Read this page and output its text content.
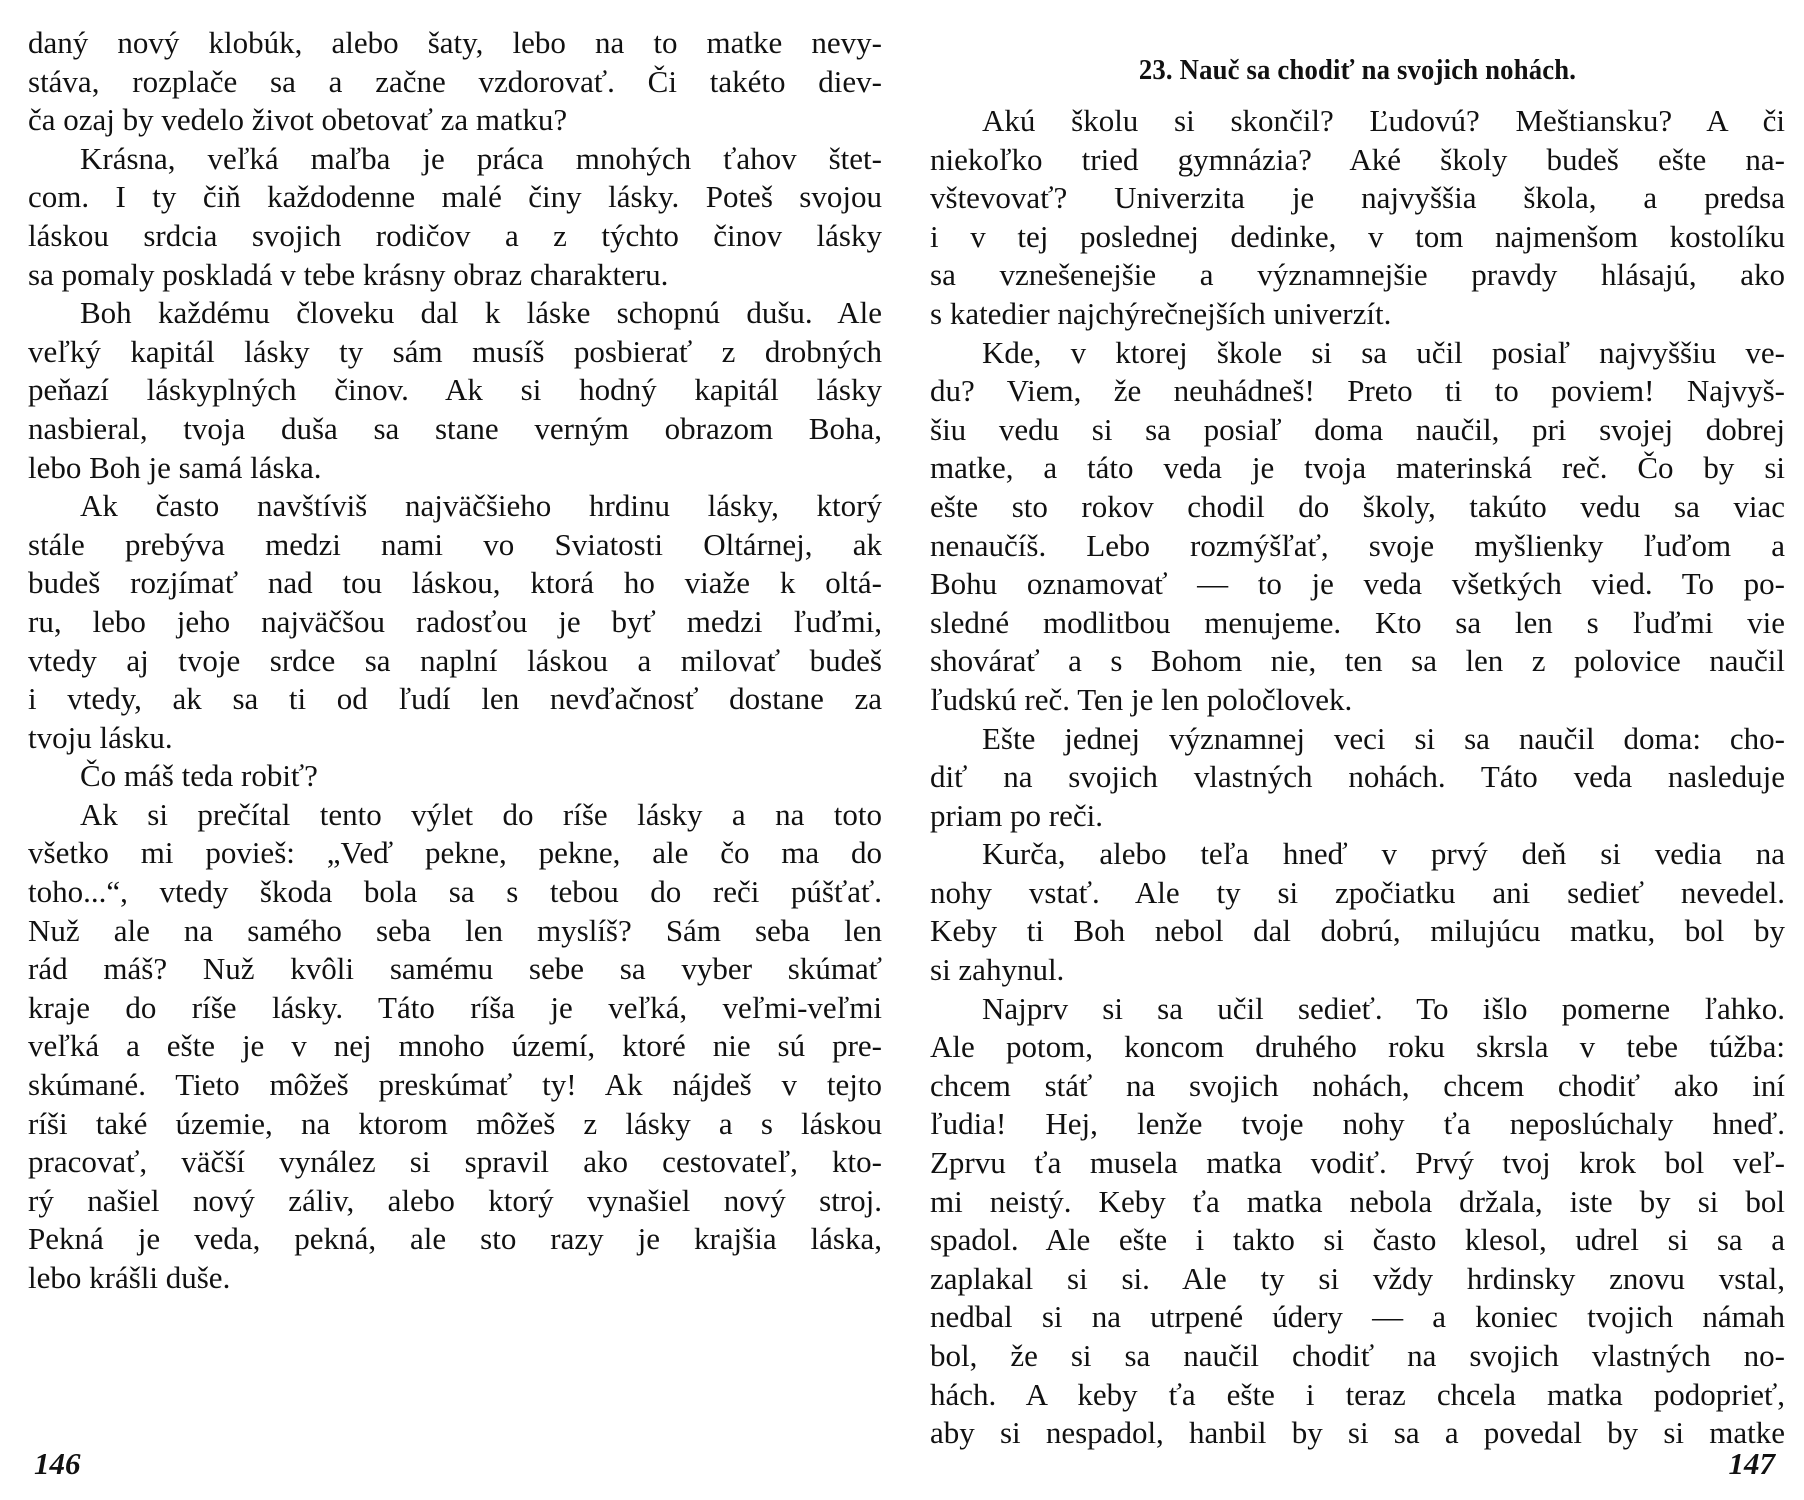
daný nový klobúk, alebo šaty, lebo na to matke nevy-
stáva, rozplače sa a začne vzdorovať. Či takéto diev-
ča ozaj by vedelo život obetovať za matku?
Krásna, veľká maľba je práca mnohých ťahov štet-
com. I ty čiň každodenne malé činy lásky. Poteš svojou
láskou srdcia svojich rodičov a z týchto činov lásky
sa pomaly poskladá v tebe krásny obraz charakteru.
Boh každému človeku dal k láske schopnú dušu. Ale
veľký kapitál lásky ty sám musíš posbierať z drobných
peňazí láskyplných činov. Ak si hodný kapitál lásky
nasbieral, tvoja duša sa stane verným obrazom Boha,
lebo Boh je samá láska.
Ak často navštíviš najväčšieho hrdinu lásky, ktorý
stále prebýva medzi nami vo Sviatosti Oltárnej, ak
budeš rozjímať nad tou láskou, ktorá ho viaže k oltá-
ru, lebo jeho najväčšou radosťou je byť medzi ľuďmi,
vtedy aj tvoje srdce sa naplní láskou a milovať budeš
i vtedy, ak sa ti od ľudí len nevďačnosť dostane za
tvoju lásku.
Čo máš teda robiť?
Ak si prečítal tento výlet do ríše lásky a na toto
všetko mi povieš: „Veď pekne, pekne, ale čo ma do
toho...“, vtedy škoda bola sa s tebou do reči púšťať.
Nuž ale na samého seba len myslíš? Sám seba len
rád máš? Nuž kvôli samému sebe sa vyber skúmať
kraje do ríše lásky. Táto ríša je veľká, veľmi-veľmi
veľká a ešte je v nej mnoho území, ktoré nie sú pre-
skúmané. Tieto môžeš preskúmať ty! Ak nájdeš v tejto
ríši také územie, na ktorom môžeš z lásky a s láskou
pracovať, väčší vynález si spravil ako cestovateľ, kto-
rý našiel nový záliv, alebo ktorý vynašiel nový stroj.
Pekná je veda, pekná, ale sto razy je krajšia láska,
lebo krášli duše.
146
23. Nauč sa chodiť na svojich nohách.
Akú školu si skončil? Ľudovú? Meštiansku? A či
niekoľko tried gymnázia? Aké školy budeš ešte na-
vštevovať? Univerzita je najvyššia škola, a predsa
i v tej poslednej dedinke, v tom najmenšom kostolíku
sa vznešenejšie a významnejšie pravdy hlásajú, ako
s katedier najchýrečnejších univerzít.
Kde, v ktorej škole si sa učil posiaľ najvyššiu ve-
du? Viem, že neuhádneš! Preto ti to poviem! Najvyš-
šiu vedu si sa posiaľ doma naučil, pri svojej dobrej
matke, a táto veda je tvoja materinská reč. Čo by si
ešte sto rokov chodil do školy, takúto vedu sa viac
nenaučíš. Lebo rozmýšľať, svoje myšlienky ľuďom a
Bohu oznamovať — to je veda všetkých vied. To po-
sledné modlitbou menujeme. Kto sa len s ľuďmi vie
shovárať a s Bohom nie, ten sa len z polovice naučil
ľudskú reč. Ten je len poločlovek.
Ešte jednej významnej veci si sa naučil doma: cho-
diť na svojich vlastných nohách. Táto veda nasleduje
priam po reči.
Kurča, alebo teľa hneď v prvý deň si vedia na
nohy vstať. Ale ty si zpočiatku ani sedieť nevedel.
Keby ti Boh nebol dal dobrú, milujúcu matku, bol by
si zahynul.
Najprv si sa učil sedieť. To išlo pomerne ľahko.
Ale potom, koncom druhého roku skrsla v tebe túžba:
chcem stáť na svojich nohách, chcem chodiť ako iní
ľudia! Hej, lenže tvoje nohy ťa neposlúchaly hneď.
Zprvu ťa musela matka vodiť. Prvý tvoj krok bol veľ-
mi neistý. Keby ťa matka nebola držala, iste by si bol
spadol. Ale ešte i takto si často klesol, udrel si sa a
zaplakal si si. Ale ty si vždy hrdinsky znovu vstal,
nedbal si na utrpené údery — a koniec tvojich námah
bol, že si sa naučil chodiť na svojich vlastných no-
hách. A keby ťa ešte i teraz chcela matka podoprieť,
aby si nespadol, hanbil by si sa a povedal by si matke
147
